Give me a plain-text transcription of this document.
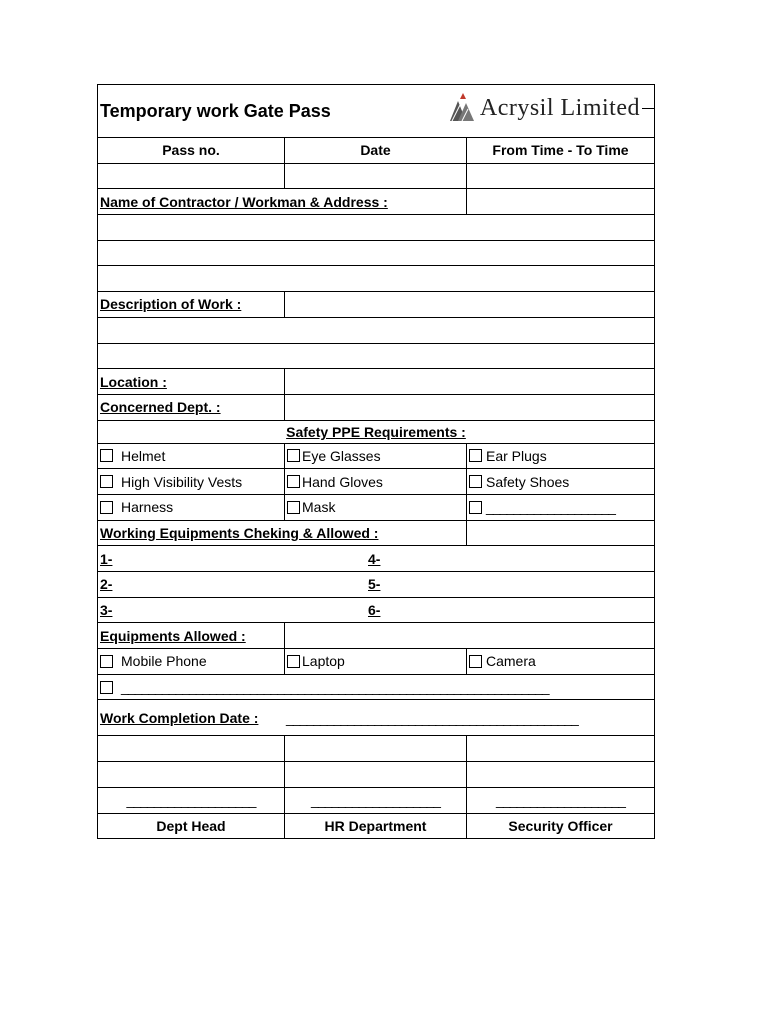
Temporary work Gate Pass	Acrysil Limited
Pass no.	Date	From Time - To Time
Name of Contractor / Workman & Address :
Description of Work :
Location :
Concerned Dept. :
Safety PPE Requirements :
Helmet	Eye Glasses	Ear Plugs
High Visibility Vests	Hand Gloves	Safety Shoes
Harness	Mask	___________________
Working Equipments Cheking & Allowed :
1-	4-
2-	5-
3-	6-
Equipments Allowed :
Mobile Phone	Laptop	Camera
_______________________________________________________________
Work Completion Date :	___________________________________________
___________________	___________________	___________________
Dept Head	HR Department	Security Officer
